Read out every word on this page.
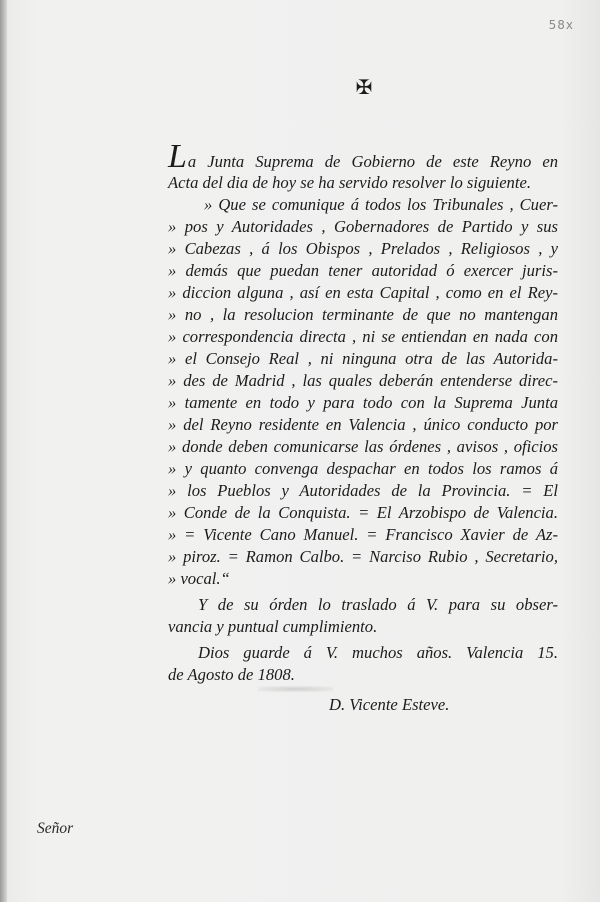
58x
✠
La Junta Suprema de Gobierno de este Reyno en
Acta del dia de hoy se ha servido resolver lo siguiente.
» Que se comunique á todos los Tribunales , Cuer-
» pos y Autoridades , Gobernadores de Partido y sus
» Cabezas , á los Obispos , Prelados , Religiosos , y
» demás que puedan tener autoridad ó exercer juris-
» diccion alguna , así en esta Capital , como en el Rey-
» no , la resolucion terminante de que no mantengan
» correspondencia directa , ni se entiendan en nada con
» el Consejo Real , ni ninguna otra de las Autorida-
» des de Madrid , las quales deberán entenderse direc-
» tamente en todo y para todo con la Suprema Junta
» del Reyno residente en Valencia , único conducto por
» donde deben comunicarse las órdenes , avisos , oficios
» y quanto convenga despachar en todos los ramos á
» los Pueblos y Autoridades de la Provincia. = El
» Conde de la Conquista. = El Arzobispo de Valencia.
» = Vicente Cano Manuel. = Francisco Xavier de Az-
» piroz. = Ramon Calbo. = Narciso Rubio , Secretario,
» vocal.“
Y de su órden lo traslado á V. para su obser-
vancia y puntual cumplimiento.
Dios guarde á V. muchos años. Valencia 15.
de Agosto de 1808.
D. Vicente Esteve.
Señor
